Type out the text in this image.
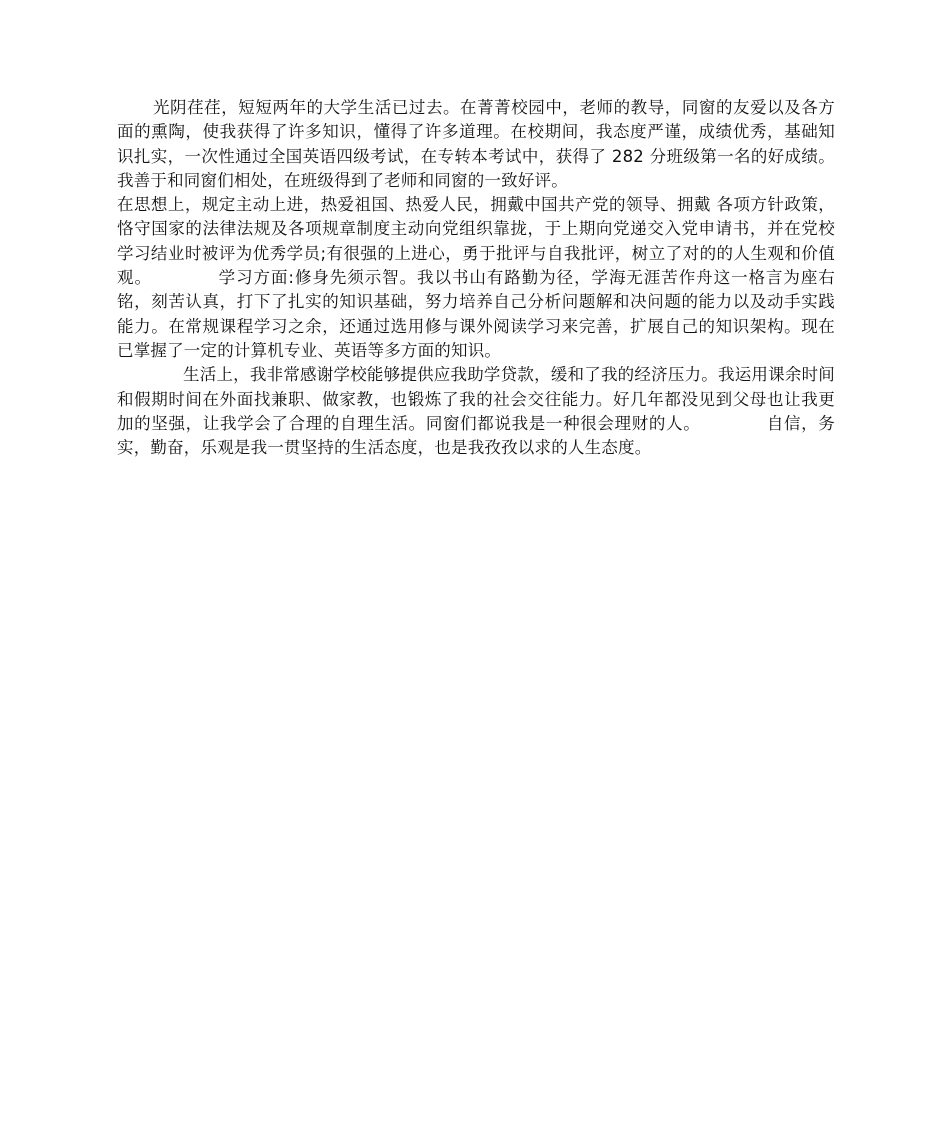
光阴荏荏，短短两年的大学生活已过去。在菁菁校园中，老师的教导，同窗的友爱以及各方面的熏陶，使我获得了许多知识，懂得了许多道理。在校期间，我态度严谨，成绩优秀，基础知识扎实，一次性通过全国英语四级考试，在专转本考试中，获得了 282 分班级第一名的好成绩。我善于和同窗们相处，在班级得到了老师和同窗的一致好评。

在思想上，规定主动上进，热爱祖国、热爱人民，拥戴中国共产党的领导、拥戴 各项方针政策，恪守国家的法律法规及各项规章制度主动向党组织靠拢，于上期向党递交入党申请书，并在党校学习结业时被评为优秀学员;有很强的上进心，勇于批评与自我批评，树立了对的的人生观和价值观。	学习方面:修身先须示智。我以书山有路勤为径，学海无涯苦作舟这一格言为座右铭，刻苦认真，打下了扎实的知识基础，努力培养自己分析问题解和决问题的能力以及动手实践能力。在常规课程学习之余，还通过选用修与课外阅读学习来完善，扩展自己的知识架构。现在已掌握了一定的计算机专业、英语等多方面的知识。
生活上，我非常感谢学校能够提供应我助学贷款，缓和了我的经济压力。我运用课余时间和假期时间在外面找兼职、做家教，也锻炼了我的社会交往能力。好几年都没见到父母也让我更加的坚强，让我学会了合理的自理生活。同窗们都说我是一种很会理财的人。	自信，务实，勤奋，乐观是我一贯坚持的生活态度，也是我孜孜以求的人生态度。
